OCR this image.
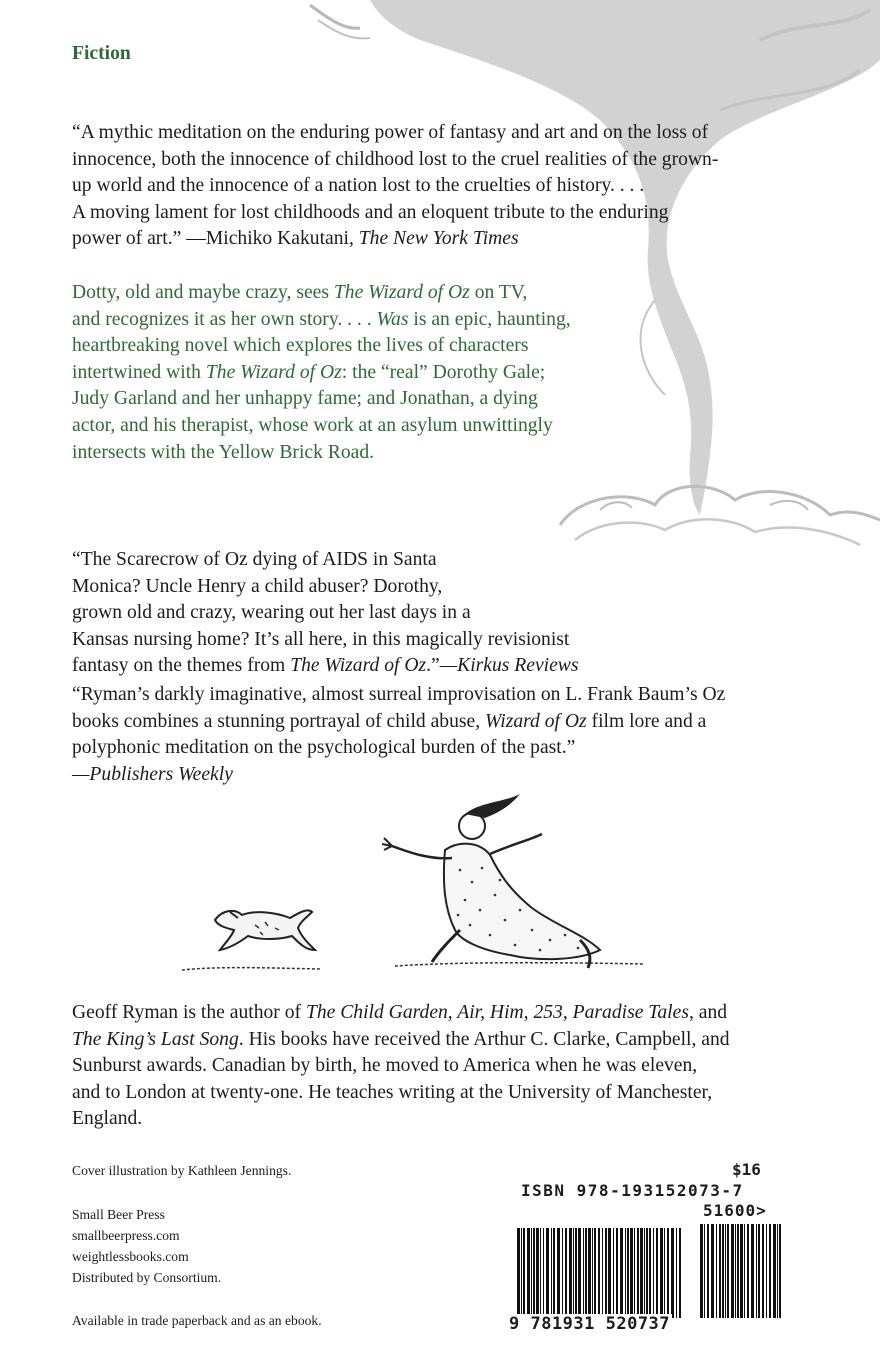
Fiction

“A mythic meditation on the enduring power of fantasy and art and on the loss of

innocence, both the innocence of childhood lost to the cruel realities of the grown-

up world and the innocence of a nation lost to the cruelties of history. . . .

A moving lament for lost childhoods and an eloquent tribute to the enduring

power of art.” —Michiko Kakutani, The New York Times

Dotty, old and maybe crazy, sees The Wizard of Oz on TV,

and recognizes it as her own story. . . . Was is an epic, haunting,

heartbreaking novel which explores the lives of characters

intertwined with The Wizard of Oz: the “real” Dorothy Gale;

Judy Garland and her unhappy fame; and Jonathan, a dying

actor, and his therapist, whose work at an asylum unwittingly

intersects with the Yellow Brick Road.

“The Scarecrow of Oz dying of AIDS in Santa

Monica? Uncle Henry a child abuser? Dorothy,

grown old and crazy, wearing out her last days in a

Kansas nursing home? It’s all here, in this magically revisionist

fantasy on the themes from The Wizard of Oz.”—Kirkus Reviews

“Ryman’s darkly imaginative, almost surreal improvisation on L. Frank Baum’s Oz

books combines a stunning portrayal of child abuse, Wizard of Oz film lore and a

polyphonic meditation on the psychological burden of the past.”

—Publishers Weekly

Geoff Ryman is the author of The Child Garden, Air, Him, 253, Paradise Tales, and

The King’s Last Song. His books have received the Arthur C. Clarke, Campbell, and

Sunburst awards. Canadian by birth, he moved to America when he was eleven,

and to London at twenty-one. He teaches writing at the University of Manchester,

England.

Cover illustration by Kathleen Jennings.
Small Beer Press
smallbeerpress.com
weightlessbooks.com
Distributed by Consortium.
Available in trade paperback and as an ebook.
$16
ISBN 978-193152073-7
51600>
9 781931 520737
